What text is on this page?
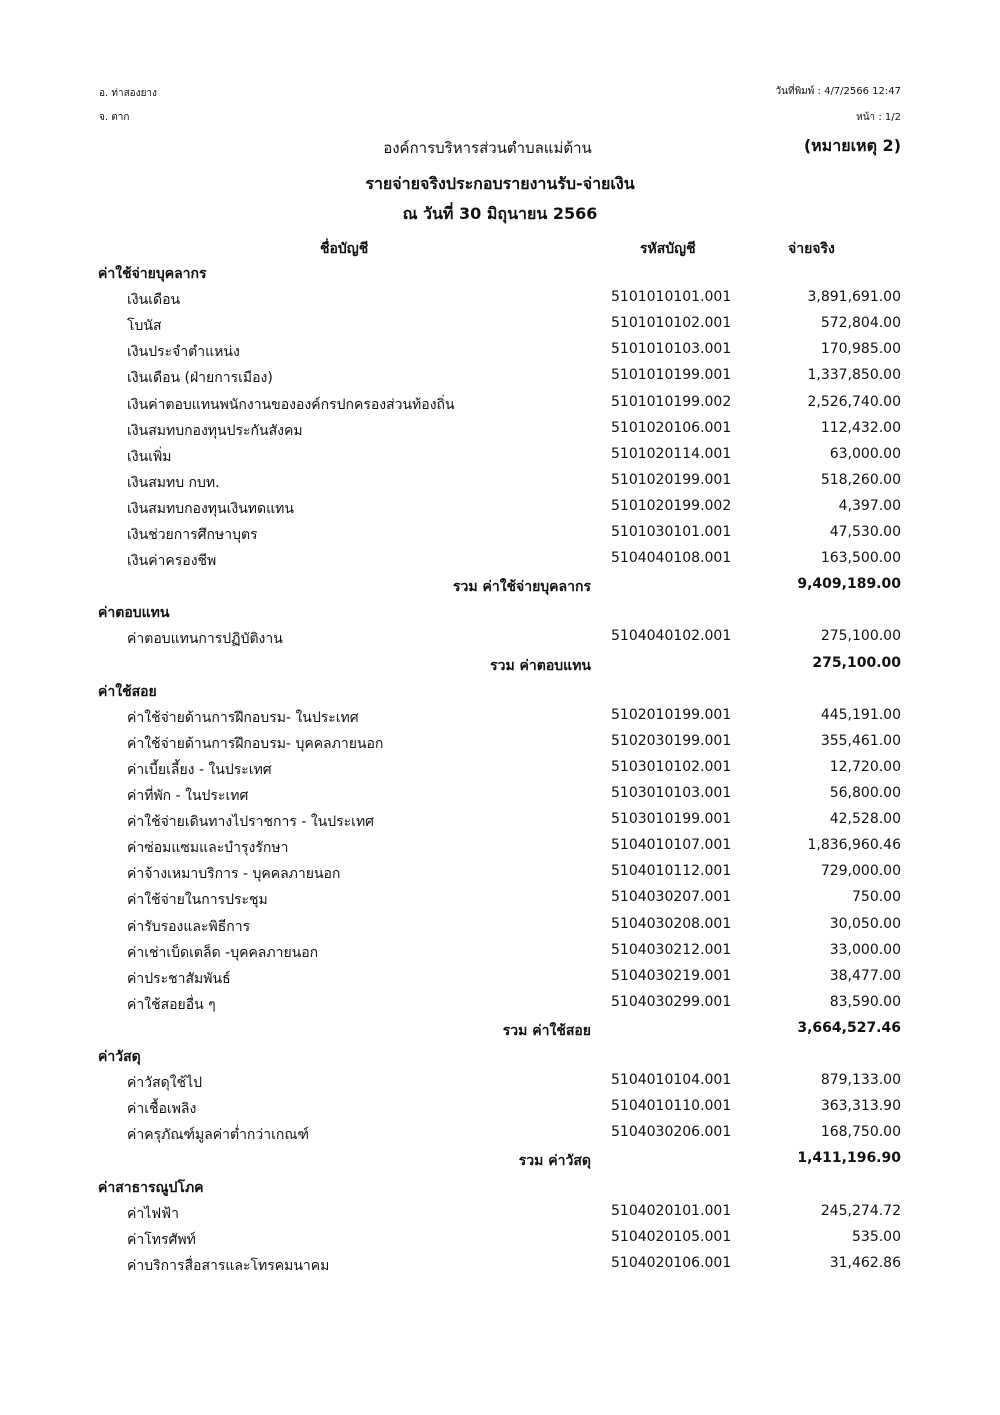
อ. ท่าสองยาง
จ. ตาก
วันที่พิมพ์ : 4/7/2566 12:47
หน้า : 1/2
องค์การบริหารส่วนตำบลแม่ต้าน	(หมายเหตุ 2)
รายจ่ายจริงประกอบรายงานรับ-จ่ายเงิน
ณ วันที่ 30 มิถุนายน 2566
ชื่อบัญชี	รหัสบัญชี	จ่ายจริง
ค่าใช้จ่ายบุคลากร
เงินเดือน	5101010101.001	3,891,691.00
โบนัส	5101010102.001	572,804.00
เงินประจำตำแหน่ง	5101010103.001	170,985.00
เงินเดือน (ฝ่ายการเมือง)	5101010199.001	1,337,850.00
เงินค่าตอบแทนพนักงานขององค์กรปกครองส่วนท้องถิ่น	5101010199.002	2,526,740.00
เงินสมทบกองทุนประกันสังคม	5101020106.001	112,432.00
เงินเพิ่ม	5101020114.001	63,000.00
เงินสมทบ กบท.	5101020199.001	518,260.00
เงินสมทบกองทุนเงินทดแทน	5101020199.002	4,397.00
เงินช่วยการศึกษาบุตร	5101030101.001	47,530.00
เงินค่าครองชีพ	5104040108.001	163,500.00
รวม ค่าใช้จ่ายบุคลากร	9,409,189.00
ค่าตอบแทน
ค่าตอบแทนการปฏิบัติงาน	5104040102.001	275,100.00
รวม ค่าตอบแทน	275,100.00
ค่าใช้สอย
ค่าใช้จ่ายด้านการฝึกอบรม- ในประเทศ	5102010199.001	445,191.00
ค่าใช้จ่ายด้านการฝึกอบรม- บุคคลภายนอก	5102030199.001	355,461.00
ค่าเบี้ยเลี้ยง - ในประเทศ	5103010102.001	12,720.00
ค่าที่พัก - ในประเทศ	5103010103.001	56,800.00
ค่าใช้จ่ายเดินทางไปราชการ - ในประเทศ	5103010199.001	42,528.00
ค่าซ่อมแซมและบำรุงรักษา	5104010107.001	1,836,960.46
ค่าจ้างเหมาบริการ - บุคคลภายนอก	5104010112.001	729,000.00
ค่าใช้จ่ายในการประชุม	5104030207.001	750.00
ค่ารับรองและพิธีการ	5104030208.001	30,050.00
ค่าเช่าเบ็ดเตล็ด -บุคคลภายนอก	5104030212.001	33,000.00
ค่าประชาสัมพันธ์	5104030219.001	38,477.00
ค่าใช้สอยอื่น ๆ	5104030299.001	83,590.00
รวม ค่าใช้สอย	3,664,527.46
ค่าวัสดุ
ค่าวัสดุใช้ไป	5104010104.001	879,133.00
ค่าเชื้อเพลิง	5104010110.001	363,313.90
ค่าครุภัณฑ์มูลค่าต่ำกว่าเกณฑ์	5104030206.001	168,750.00
รวม ค่าวัสดุ	1,411,196.90
ค่าสาธารณูปโภค
ค่าไฟฟ้า	5104020101.001	245,274.72
ค่าโทรศัพท์	5104020105.001	535.00
ค่าบริการสื่อสารและโทรคมนาคม	5104020106.001	31,462.86
